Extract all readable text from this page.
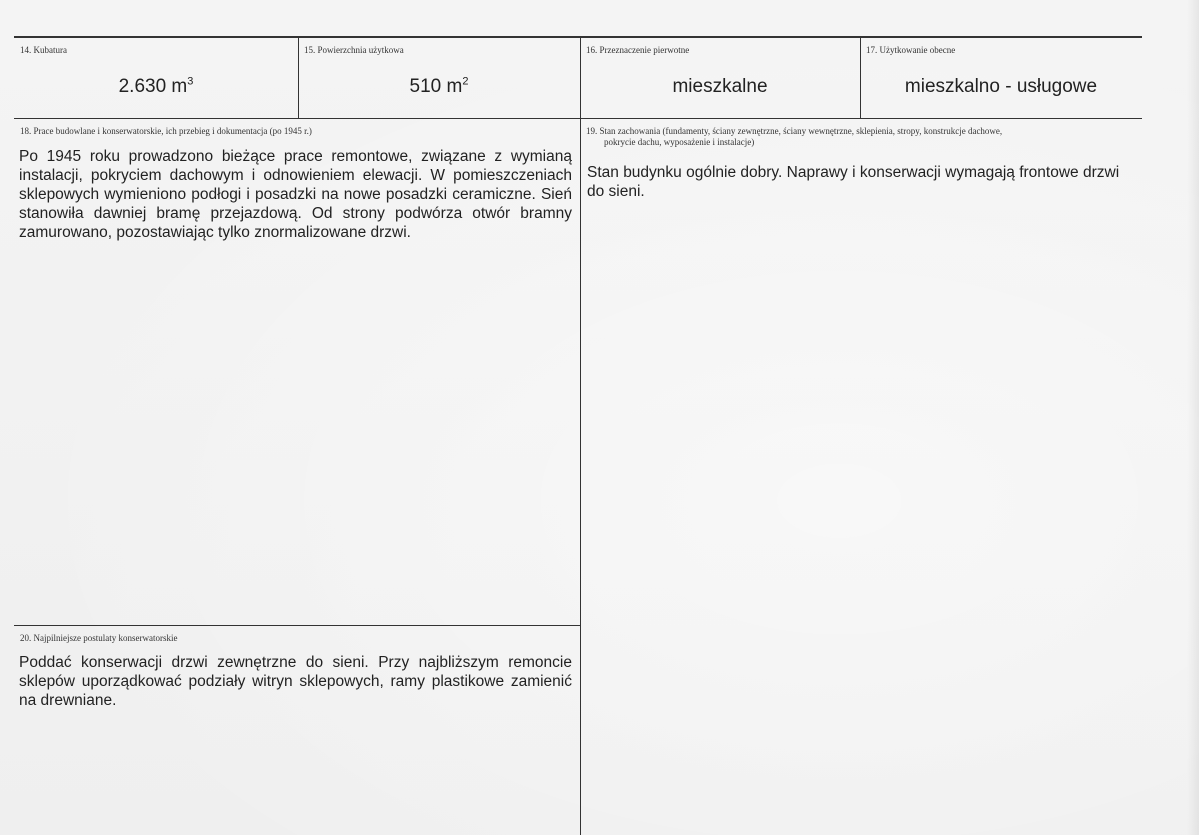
14. Kubatura
2.630 $m^3$
15. Powierzchnia użytkowa
510 $m^2$
16. Przeznaczenie pierwotne
mieszkalne
17. Użytkowanie obecne
mieszkalno - usługowe
18. Prace budowlane i konserwatorskie, ich przebieg i dokumentacja (po 1945 r.)

Po 1945 roku prowadzono bieżące prace remontowe, związane z wymianą instalacji, pokryciem dachowym i odnowieniem elewacji. W pomieszczeniach sklepowych wymieniono podłogi i posadzki na nowe posadzki ceramiczne. Sień stanowiła dawniej bramę przejazdową. Od strony podwórza otwór bramny zamurowano, pozostawiając tylko znormalizowane drzwi.

19. Stan zachowania (fundamenty, ściany zewnętrzne, ściany wewnętrzne, sklepienia, stropy, konstrukcje dachowe,
pokrycie dachu, wyposażenie i instalacje)

Stan budynku ogólnie dobry. Naprawy i konserwacji wymagają frontowe drzwi do sieni.

20. Najpilniejsze postulaty konserwatorskie

Poddać konserwacji drzwi zewnętrzne do sieni. Przy najbliższym remoncie sklepów uporządkować podziały witryn sklepowych, ramy plastikowe zamienić na drewniane.
